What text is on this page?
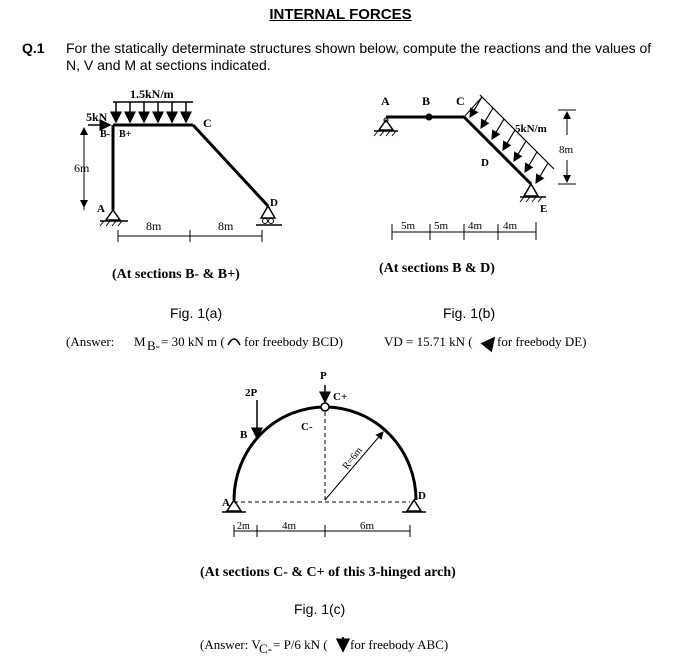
INTERNAL FORCES
Q.1 For the statically determinate structures shown below, compute the reactions and the values of N, V and M at sections indicated.
1.5kN/m
5kN
B- B+
C
A	D
6m
8m	8m
(At sections B- & B+)
Fig. 1(a)
(Answer: M B- = 30 kN m ( for freebody BCD)
A	B C
D
E
5kN/m
8m
5m 5m 4m 4m
(At sections B & D)
Fig. 1(b)
VD = 15.71 kN ( for freebody DE)
P
2P
B
C-
C+
A
D
R=6m
2m	4m	6m
(At sections C- & C+ of this 3-hinged arch)
Fig. 1(c)
(Answer: V
C- = P/6 kN ( for freebody ABC)
